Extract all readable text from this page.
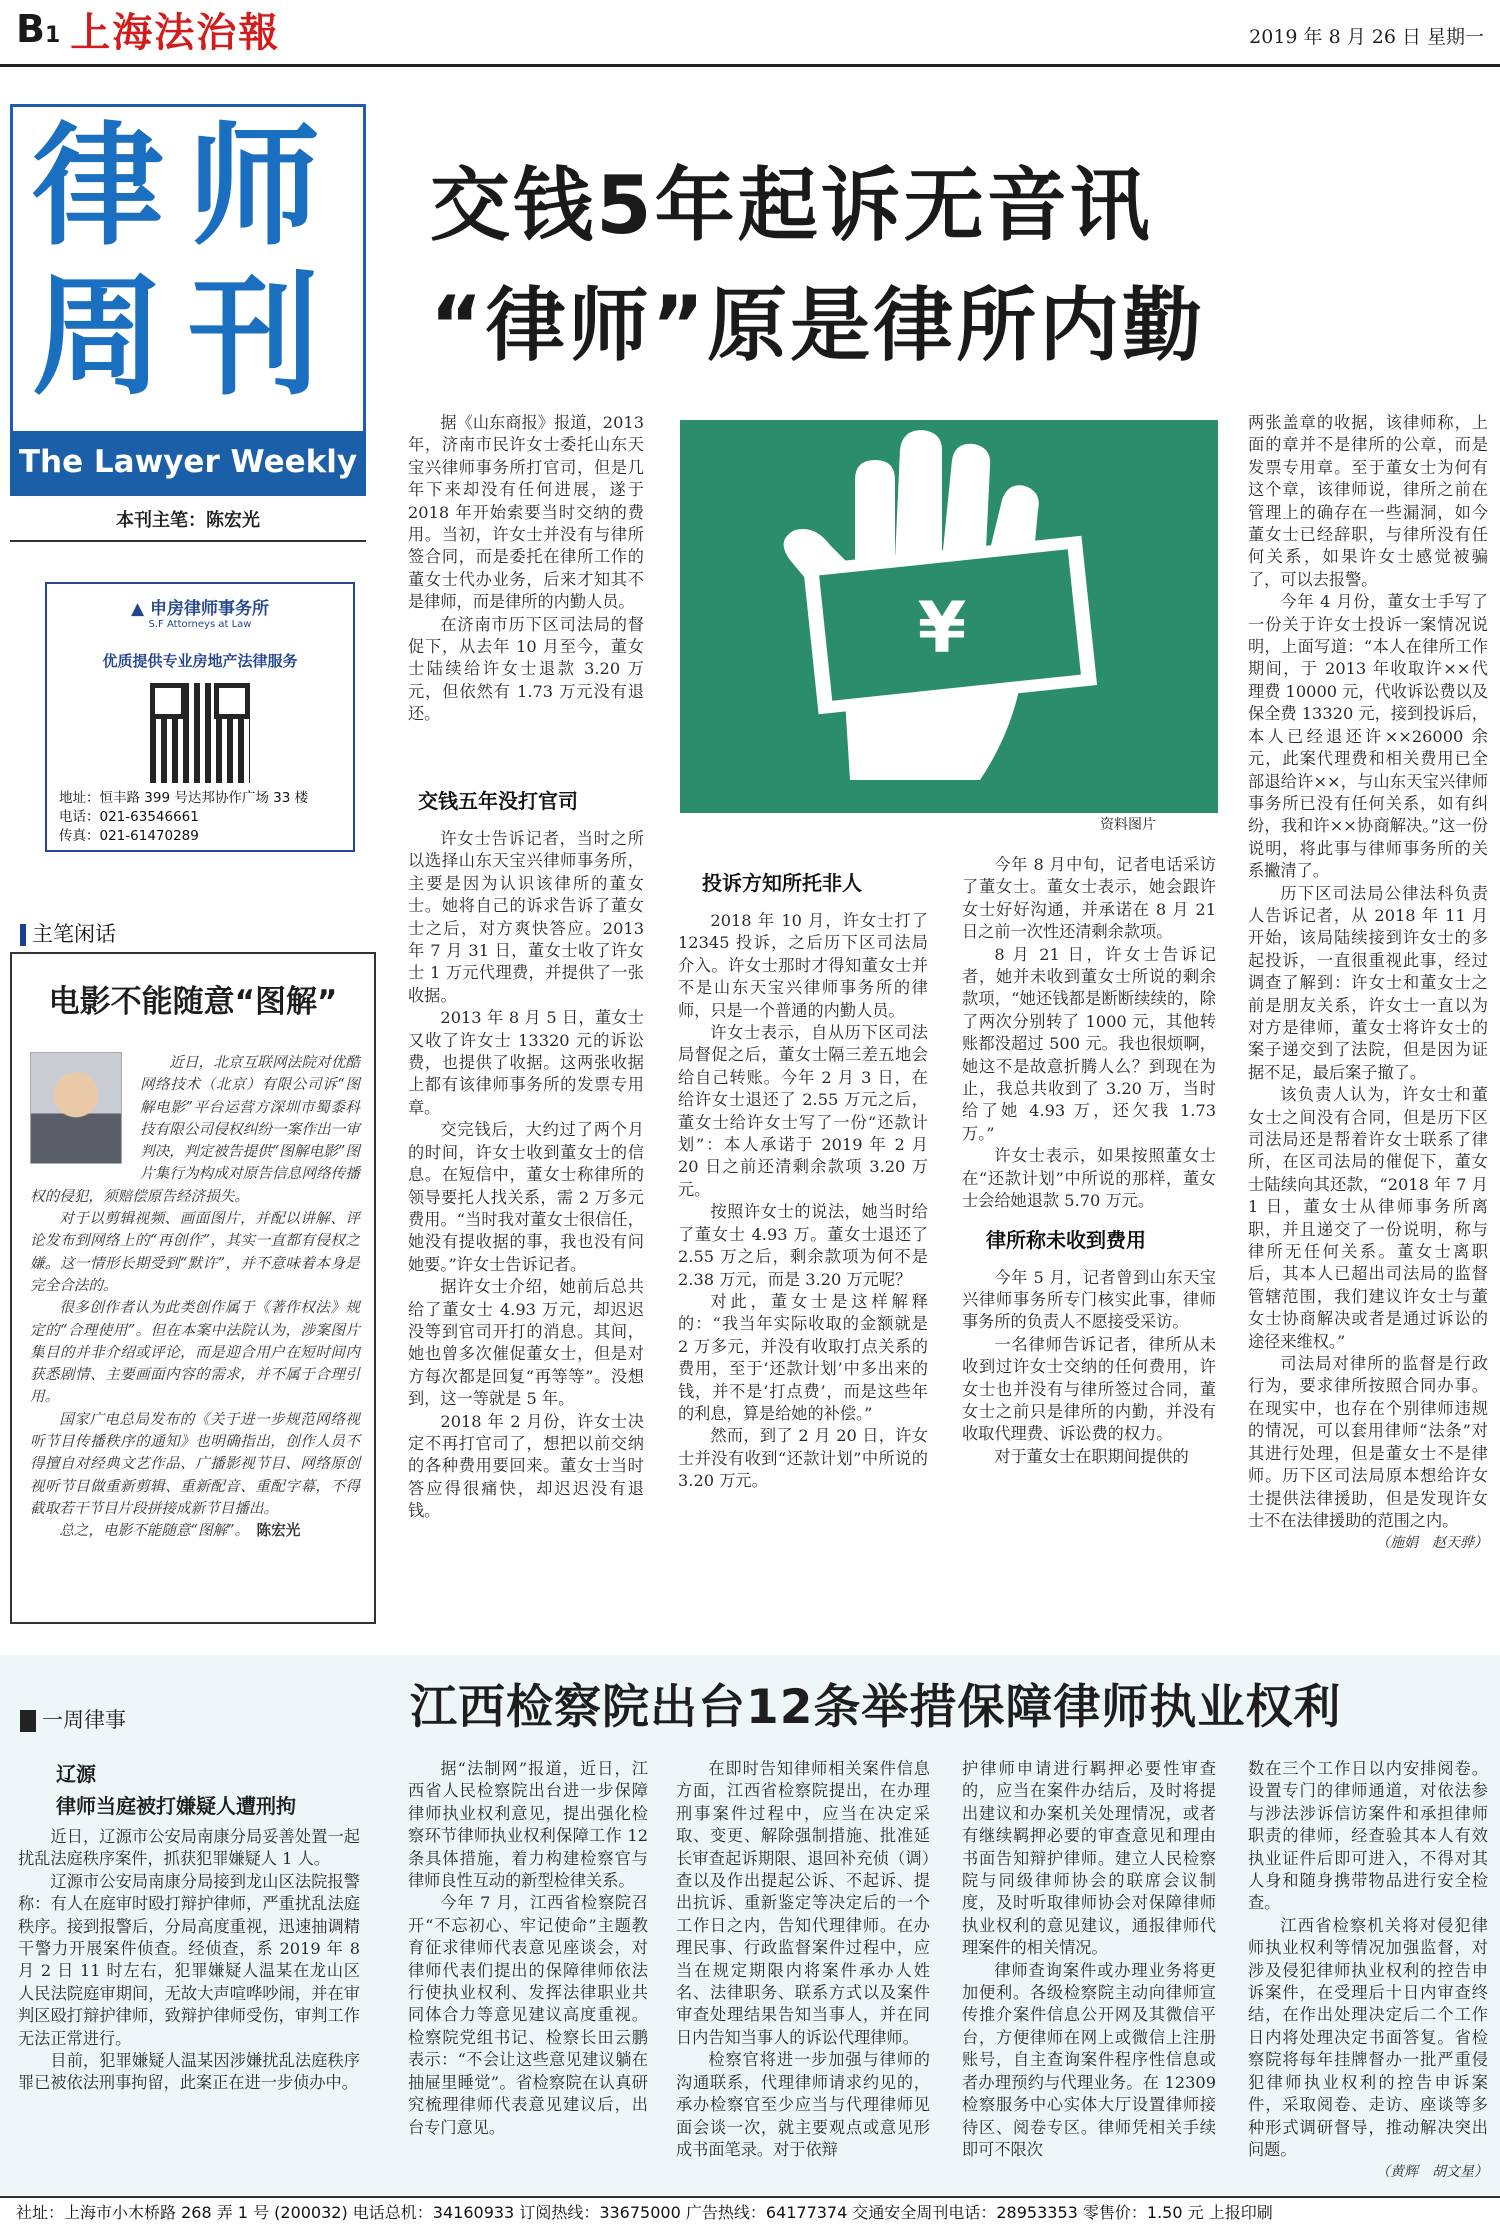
B1 上海法治報	2019 年 8 月 26 日 星期一
律师
周刊
The Lawyer Weekly
本刊主笔：陈宏光
▲ 申房律师事务所
S.F Attorneys at Law
优质提供专业房地产法律服务
地址：恒丰路 399 号达邦协作广场 33 楼
电话：021-63546661
传真：021-61470289
主笔闲话
电影不能随意“图解”

近日，北京互联网法院对优酷网络技术（北京）有限公司诉“图解电影”平台运营方深圳市蜀黍科技有限公司侵权纠纷一案作出一审判决，判定被告提供“图解电影”图片集行为构成对原告信息网络传播权的侵犯，须赔偿原告经济损失。

对于以剪辑视频、画面图片，并配以讲解、评论发布到网络上的“再创作”，其实一直都有侵权之嫌。这一情形长期受到“默许”，并不意味着本身是完全合法的。

很多创作者认为此类创作属于《著作权法》规定的“合理使用”。但在本案中法院认为，涉案图片集目的并非介绍或评论，而是迎合用户在短时间内获悉剧情、主要画面内容的需求，并不属于合理引用。

国家广电总局发布的《关于进一步规范网络视听节目传播秩序的通知》也明确指出，创作人员不得擅自对经典文艺作品、广播影视节目、网络原创视听节目做重新剪辑、重新配音、重配字幕，不得截取若干节目片段拼接成新节目播出。

总之，电影不能随意“图解”。　 陈宏光

交钱5年起诉无音讯
“律师”原是律所内勤
¥
资料图片

据《山东商报》报道，2013 年，济南市民许女士委托山东天宝兴律师事务所打官司，但是几年下来却没有任何进展，遂于 2018 年开始索要当时交纳的费用。当初，许女士并没有与律所签合同，而是委托在律所工作的董女士代办业务，后来才知其不是律师，而是律所的内勤人员。

在济南市历下区司法局的督促下，从去年 10 月至今，董女士陆续给许女士退款 3.20 万元，但依然有 1.73 万元没有退还。

交钱五年没打官司

许女士告诉记者，当时之所以选择山东天宝兴律师事务所，主要是因为认识该律所的董女士。她将自己的诉求告诉了董女士之后，对方爽快答应。2013 年 7 月 31 日，董女士收了许女士 1 万元代理费，并提供了一张收据。

2013 年 8 月 5 日，董女士又收了许女士 13320 元的诉讼费，也提供了收据。这两张收据上都有该律师事务所的发票专用章。

交完钱后，大约过了两个月的时间，许女士收到董女士的信息。在短信中，董女士称律所的领导要托人找关系，需 2 万多元费用。“当时我对董女士很信任，她没有提收据的事，我也没有问她要。”许女士告诉记者。

据许女士介绍，她前后总共给了董女士 4.93 万元，却迟迟没等到官司开打的消息。其间，她也曾多次催促董女士，但是对方每次都是回复“再等等”。没想到，这一等就是 5 年。

2018 年 2 月份，许女士决定不再打官司了，想把以前交纳的各种费用要回来。董女士当时答应得很痛快，却迟迟没有退钱。

投诉方知所托非人

2018 年 10 月，许女士打了 12345 投诉，之后历下区司法局介入。许女士那时才得知董女士并不是山东天宝兴律师事务所的律师，只是一个普通的内勤人员。

许女士表示，自从历下区司法局督促之后，董女士隔三差五地会给自己转账。今年 2 月 3 日，在给许女士退还了 2.55 万元之后，董女士给许女士写了一份“还款计划”：本人承诺于 2019 年 2 月 20 日之前还清剩余款项 3.20 万元。

按照许女士的说法，她当时给了董女士 4.93 万。董女士退还了 2.55 万之后，剩余款项为何不是 2.38 万元，而是 3.20 万元呢？

对此，董女士是这样解释的：“我当年实际收取的金额就是 2 万多元，并没有收取打点关系的费用，至于‘还款计划’中多出来的钱，并不是‘打点费’，而是这些年的利息，算是给她的补偿。”

然而，到了 2 月 20 日，许女士并没有收到“还款计划”中所说的 3.20 万元。

今年 8 月中旬，记者电话采访了董女士。董女士表示，她会跟许女士好好沟通，并承诺在 8 月 21 日之前一次性还清剩余款项。

8 月 21 日，许女士告诉记者，她并未收到董女士所说的剩余款项，“她还钱都是断断续续的，除了两次分别转了 1000 元，其他转账都没超过 500 元。我也很烦啊，她这不是故意折腾人么？到现在为止，我总共收到了 3.20 万，当时给了她 4.93 万，还欠我 1.73 万。”

许女士表示，如果按照董女士在“还款计划”中所说的那样，董女士会给她退款 5.70 万元。

律所称未收到费用

今年 5 月，记者曾到山东天宝兴律师事务所专门核实此事，律师事务所的负责人不愿接受采访。

一名律师告诉记者，律所从未收到过许女士交纳的任何费用，许女士也并没有与律所签过合同，董女士之前只是律所的内勤，并没有收取代理费、诉讼费的权力。

对于董女士在职期间提供的

两张盖章的收据，该律师称，上面的章并不是律所的公章，而是发票专用章。至于董女士为何有这个章，该律师说，律所之前在管理上的确存在一些漏洞，如今董女士已经辞职，与律所没有任何关系，如果许女士感觉被骗了，可以去报警。

今年 4 月份，董女士手写了一份关于许女士投诉一案情况说明，上面写道：“本人在律所工作期间，于 2013 年收取许××代理费 10000 元，代收诉讼费以及保全费 13320 元，接到投诉后，本人已经退还许××26000 余元，此案代理费和相关费用已全部退给许××，与山东天宝兴律师事务所已没有任何关系，如有纠纷，我和许××协商解决。”这一份说明，将此事与律师事务所的关系撇清了。

历下区司法局公律法科负责人告诉记者，从 2018 年 11 月开始，该局陆续接到许女士的多起投诉，一直很重视此事，经过调查了解到：许女士和董女士之前是朋友关系，许女士一直以为对方是律师，董女士将许女士的案子递交到了法院，但是因为证据不足，最后案子撤了。

该负责人认为，许女士和董女士之间没有合同，但是历下区司法局还是帮着许女士联系了律所，在区司法局的催促下，董女士陆续向其还款，“2018 年 7 月 1 日，董女士从律师事务所离职，并且递交了一份说明，称与律所无任何关系。董女士离职后，其本人已超出司法局的监督管辖范围，我们建议许女士与董女士协商解决或者是通过诉讼的途径来维权。”

司法局对律所的监督是行政行为，要求律所按照合同办事。在现实中，也存在个别律师违规的情况，可以套用律师“法条”对其进行处理，但是董女士不是律师。历下区司法局原本想给许女士提供法律援助，但是发现许女士不在法律援助的范围之内。

（施娟　赵天骅）
一周律事
辽源
律师当庭被打嫌疑人遭刑拘

近日，辽源市公安局南康分局妥善处置一起扰乱法庭秩序案件，抓获犯罪嫌疑人 1 人。

辽源市公安局南康分局接到龙山区法院报警称：有人在庭审时殴打辩护律师，严重扰乱法庭秩序。接到报警后，分局高度重视，迅速抽调精干警力开展案件侦查。经侦查，系 2019 年 8 月 2 日 11 时左右，犯罪嫌疑人温某在龙山区人民法院庭审期间，无故大声喧哗吵闹，并在审判区殴打辩护律师，致辩护律师受伤，审判工作无法正常进行。

目前，犯罪嫌疑人温某因涉嫌扰乱法庭秩序罪已被依法刑事拘留，此案正在进一步侦办中。

江西检察院出台12条举措保障律师执业权利

据“法制网”报道，近日，江西省人民检察院出台进一步保障律师执业权利意见，提出强化检察环节律师执业权利保障工作 12 条具体措施，着力构建检察官与律师良性互动的新型检律关系。

今年 7 月，江西省检察院召开“不忘初心、牢记使命”主题教育征求律师代表意见座谈会，对律师代表们提出的保障律师依法行使执业权利、发挥法律职业共同体合力等意见建议高度重视。检察院党组书记、检察长田云鹏表示：“不会让这些意见建议躺在抽屉里睡觉”。省检察院在认真研究梳理律师代表意见建议后，出台专门意见。

在即时告知律师相关案件信息方面，江西省检察院提出，在办理刑事案件过程中，应当在决定采取、变更、解除强制措施、批准延长审查起诉期限、退回补充侦（调）查以及作出提起公诉、不起诉、提出抗诉、重新鉴定等决定后的一个工作日之内，告知代理律师。在办理民事、行政监督案件过程中，应当在规定期限内将案件承办人姓名、法律职务、联系方式以及案件审查处理结果告知当事人，并在同日内告知当事人的诉讼代理律师。

检察官将进一步加强与律师的沟通联系，代理律师请求约见的，承办检察官至少应当与代理律师见面会谈一次，就主要观点或意见形成书面笔录。对于依辩

护律师申请进行羁押必要性审查的，应当在案件办结后，及时将提出建议和办案机关处理情况，或者有继续羁押必要的审查意见和理由书面告知辩护律师。建立人民检察院与同级律师协会的联席会议制度，及时听取律师协会对保障律师执业权利的意见建议，通报律师代理案件的相关情况。

律师查询案件或办理业务将更加便利。各级检察院主动向律师宣传推介案件信息公开网及其微信平台，方便律师在网上或微信上注册账号，自主查询案件程序性信息或者办理预约与代理业务。在 12309 检察服务中心实体大厅设置律师接待区、阅卷专区。律师凭相关手续即可不限次

数在三个工作日以内安排阅卷。设置专门的律师通道，对依法参与涉法涉诉信访案件和承担律师职责的律师，经查验其本人有效执业证件后即可进入，不得对其人身和随身携带物品进行安全检查。

江西省检察机关将对侵犯律师执业权利等情况加强监督，对涉及侵犯律师执业权利的控告申诉案件，在受理后十日内审查终结，在作出处理决定后二个工作日内将处理决定书面答复。省检察院将每年挂牌督办一批严重侵犯律师执业权利的控告申诉案件，采取阅卷、走访、座谈等多种形式调研督导，推动解决突出问题。

（黄辉　胡文星）
社址：上海市小木桥路 268 弄 1 号 (200032) 电话总机：34160933 订阅热线：33675000 广告热线：64177374 交通安全周刊电话：28953353 零售价：1.50 元 上报印刷
